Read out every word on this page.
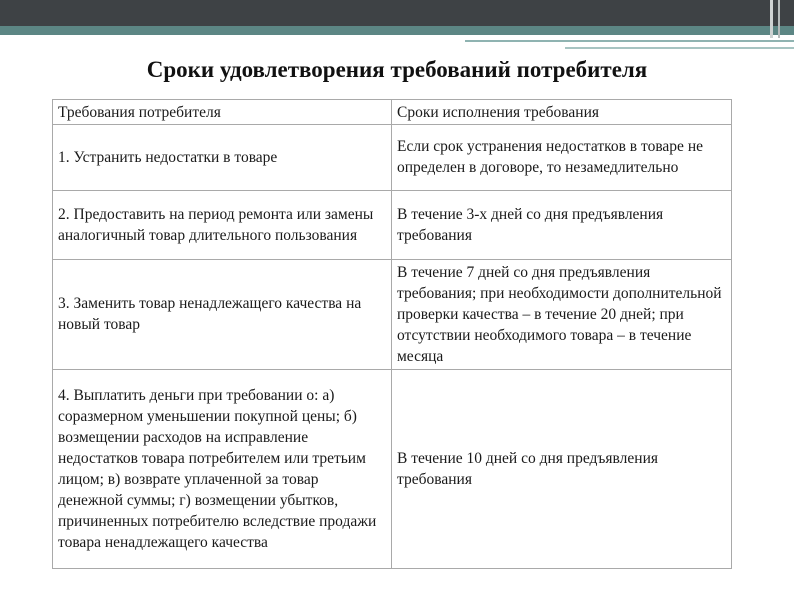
Сроки удовлетворения требований потребителя
Требования потребителя	Сроки исполнения требования
1. Устранить недостатки в товаре	Если срок устранения недостатков в товаре не определен в договоре, то незамедлительно
2. Предоставить на период ремонта или замены аналогичный товар длительного пользования	В течение 3-х дней со дня предъявления требования
3. Заменить товар ненадлежащего качества на новый товар	В течение 7 дней со дня предъявления требования; при необходимости дополнительной проверки качества – в течение 20 дней; при отсутствии необходимого товара – в течение месяца
4. Выплатить деньги при требовании о: а) соразмерном уменьшении покупной цены; б) возмещении расходов на исправление недостатков товара потребителем или третьим лицом; в) возврате уплаченной за товар денежной суммы; г) возмещении убытков, причиненных потребителю вследствие продажи товара ненадлежащего качества	В течение 10 дней со дня предъявления требования
